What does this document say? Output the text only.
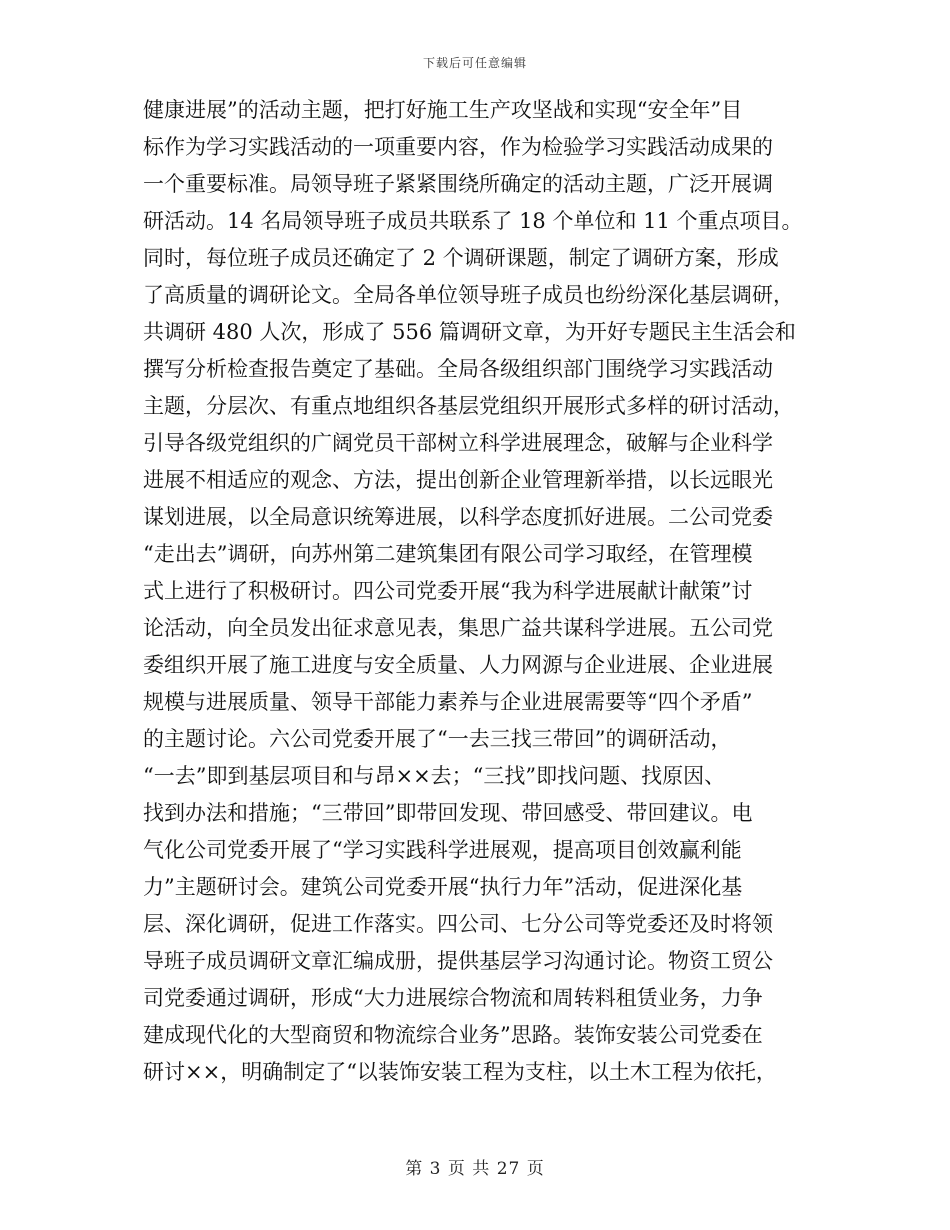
下载后可任意编辑
健康进展”的活动主题，把打好施工生产攻坚战和实现“安全年”目
标作为学习实践活动的一项重要内容，作为检验学习实践活动成果的
一个重要标准。局领导班子紧紧围绕所确定的活动主题，广泛开展调
研活动。14 名局领导班子成员共联系了 18 个单位和 11 个重点项目。
同时，每位班子成员还确定了 2 个调研课题，制定了调研方案，形成
了高质量的调研论文。全局各单位领导班子成员也纷纷深化基层调研，
共调研 480 人次，形成了 556 篇调研文章，为开好专题民主生活会和
撰写分析检查报告奠定了基础。全局各级组织部门围绕学习实践活动
主题，分层次、有重点地组织各基层党组织开展形式多样的研讨活动，
引导各级党组织的广阔党员干部树立科学进展理念，破解与企业科学
进展不相适应的观念、方法，提出创新企业管理新举措，以长远眼光
谋划进展，以全局意识统筹进展，以科学态度抓好进展。二公司党委
“走出去”调研，向苏州第二建筑集团有限公司学习取经，在管理模
式上进行了积极研讨。四公司党委开展“我为科学进展献计献策”讨
论活动，向全员发出征求意见表，集思广益共谋科学进展。五公司党
委组织开展了施工进度与安全质量、人力网源与企业进展、企业进展
规模与进展质量、领导干部能力素养与企业进展需要等“四个矛盾”
的主题讨论。六公司党委开展了“一去三找三带回”的调研活动，
“一去”即到基层项目和与昂××去；“三找”即找问题、找原因、
找到办法和措施；“三带回”即带回发现、带回感受、带回建议。电
气化公司党委开展了“学习实践科学进展观，提高项目创效赢利能
力”主题研讨会。建筑公司党委开展“执行力年”活动，促进深化基
层、深化调研，促进工作落实。四公司、七分公司等党委还及时将领
导班子成员调研文章汇编成册，提供基层学习沟通讨论。物资工贸公
司党委通过调研，形成“大力进展综合物流和周转料租赁业务，力争
建成现代化的大型商贸和物流综合业务”思路。装饰安装公司党委在
研讨××，明确制定了“以装饰安装工程为支柱，以土木工程为依托，
第 3 页 共 27 页
